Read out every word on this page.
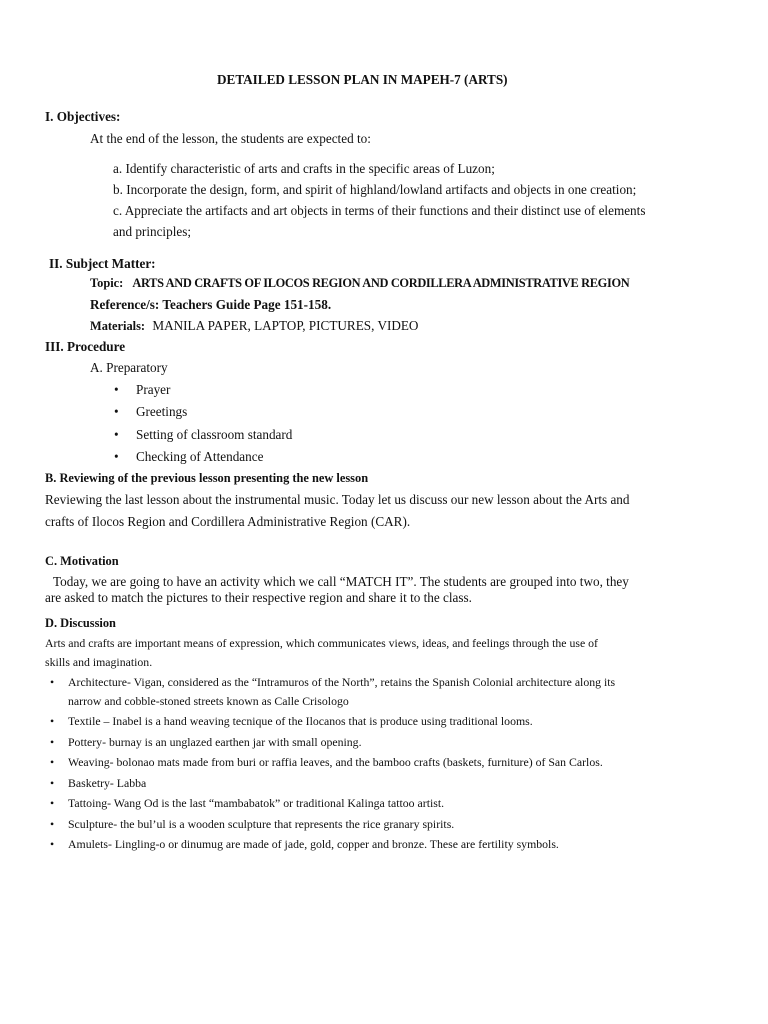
DETAILED LESSON PLAN IN MAPEH-7 (ARTS)
I. Objectives:
At the end of the lesson, the students are expected to:
a. Identify characteristic of arts and crafts in the specific areas of Luzon;
b. Incorporate the design, form, and spirit of highland/lowland artifacts and objects in one creation;
c. Appreciate the artifacts and art objects in terms of their functions and their distinct use of elements
and principles;
II. Subject Matter:
Topic: ARTS AND CRAFTS OF ILOCOS REGION AND CORDILLERA ADMINISTRATIVE REGION
Reference/s: Teachers Guide Page 151-158.
Materials: MANILA PAPER, LAPTOP, PICTURES, VIDEO
III. Procedure
A. Preparatory
• Prayer
• Greetings
• Setting of classroom standard
• Checking of Attendance
B. Reviewing of the previous lesson presenting the new lesson
Reviewing the last lesson about the instrumental music. Today let us discuss our new lesson about the Arts and
crafts of Ilocos Region and Cordillera Administrative Region (CAR).
C. Motivation
Today, we are going to have an activity which we call “MATCH IT”. The students are grouped into two, they
are asked to match the pictures to their respective region and share it to the class.
D. Discussion
Arts and crafts are important means of expression, which communicates views, ideas, and feelings through the use of
skills and imagination.
• Architecture- Vigan, considered as the “Intramuros of the North”, retains the Spanish Colonial architecture along its
narrow and cobble-stoned streets known as Calle Crisologo
• Textile – Inabel is a hand weaving tecnique of the Ilocanos that is produce using traditional looms.
• Pottery- burnay is an unglazed earthen jar with small opening.
• Weaving- bolonao mats made from buri or raffia leaves, and the bamboo crafts (baskets, furniture) of San Carlos.
• Basketry- Labba
• Tattoing- Wang Od is the last “mambabatok” or traditional Kalinga tattoo artist.
• Sculpture- the bul’ul is a wooden sculpture that represents the rice granary spirits.
• Amulets- Lingling-o or dinumug are made of jade, gold, copper and bronze. These are fertility symbols.
